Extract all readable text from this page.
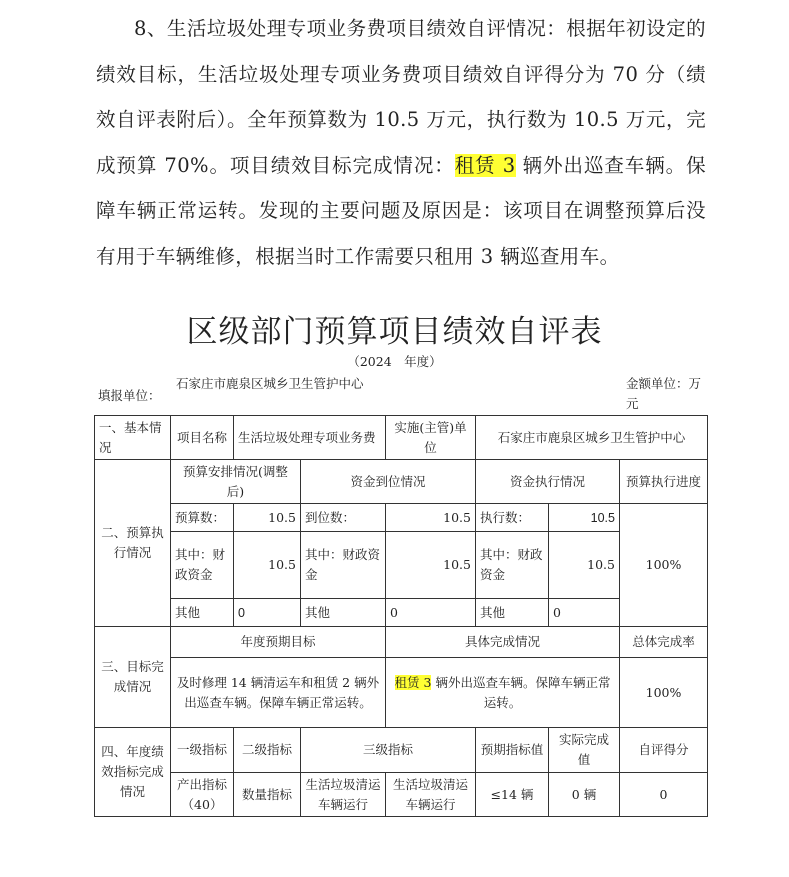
8、生活垃圾处理专项业务费项目绩效自评情况：根据年初设定的绩效目标，生活垃圾处理专项业务费项目绩效自评得分为 70 分（绩效自评表附后）。全年预算数为 10.5 万元，执行数为 10.5 万元，完成预算 70%。项目绩效目标完成情况：租赁 3 辆外出巡查车辆。保障车辆正常运转。发现的主要问题及原因是：该项目在调整预算后没有用于车辆维修，根据当时工作需要只租用 3 辆巡查用车。
区级部门预算项目绩效自评表
（2024　年度）
填报单位：
石家庄市鹿泉区城乡卫生管护中心	金额单位：万元
一、基本情况	项目名称	生活垃圾处理专项业务费		实施(主管)单位	石家庄市鹿泉区城乡卫生管护中心		
二、预算执行情况	预算安排情况(调整后)		资金到位情况		资金执行情况		预算执行进度
	预算数：	10.5	到位数：	10.5	执行数：	10.5	100%
	其中：财政资金	10.5	其中：财政资金	10.5	其中：财政资金	10.5	
	其他	0	其他	0	其他	0	
三、目标完成情况	年度预期目标			具体完成情况			总体完成率
	及时修理 14 辆清运车和租赁 2 辆外出巡查车辆。保障车辆正常运转。			租赁 3 辆外出巡查车辆。保障车辆正常运转。			100%
四、年度绩效指标完成情况	一级指标	二级指标	三级指标		预期指标值	实际完成值	自评得分
	产出指标（40）	数量指标	生活垃圾清运车辆运行	生活垃圾清运车辆运行	≤14 辆	0 辆	0
